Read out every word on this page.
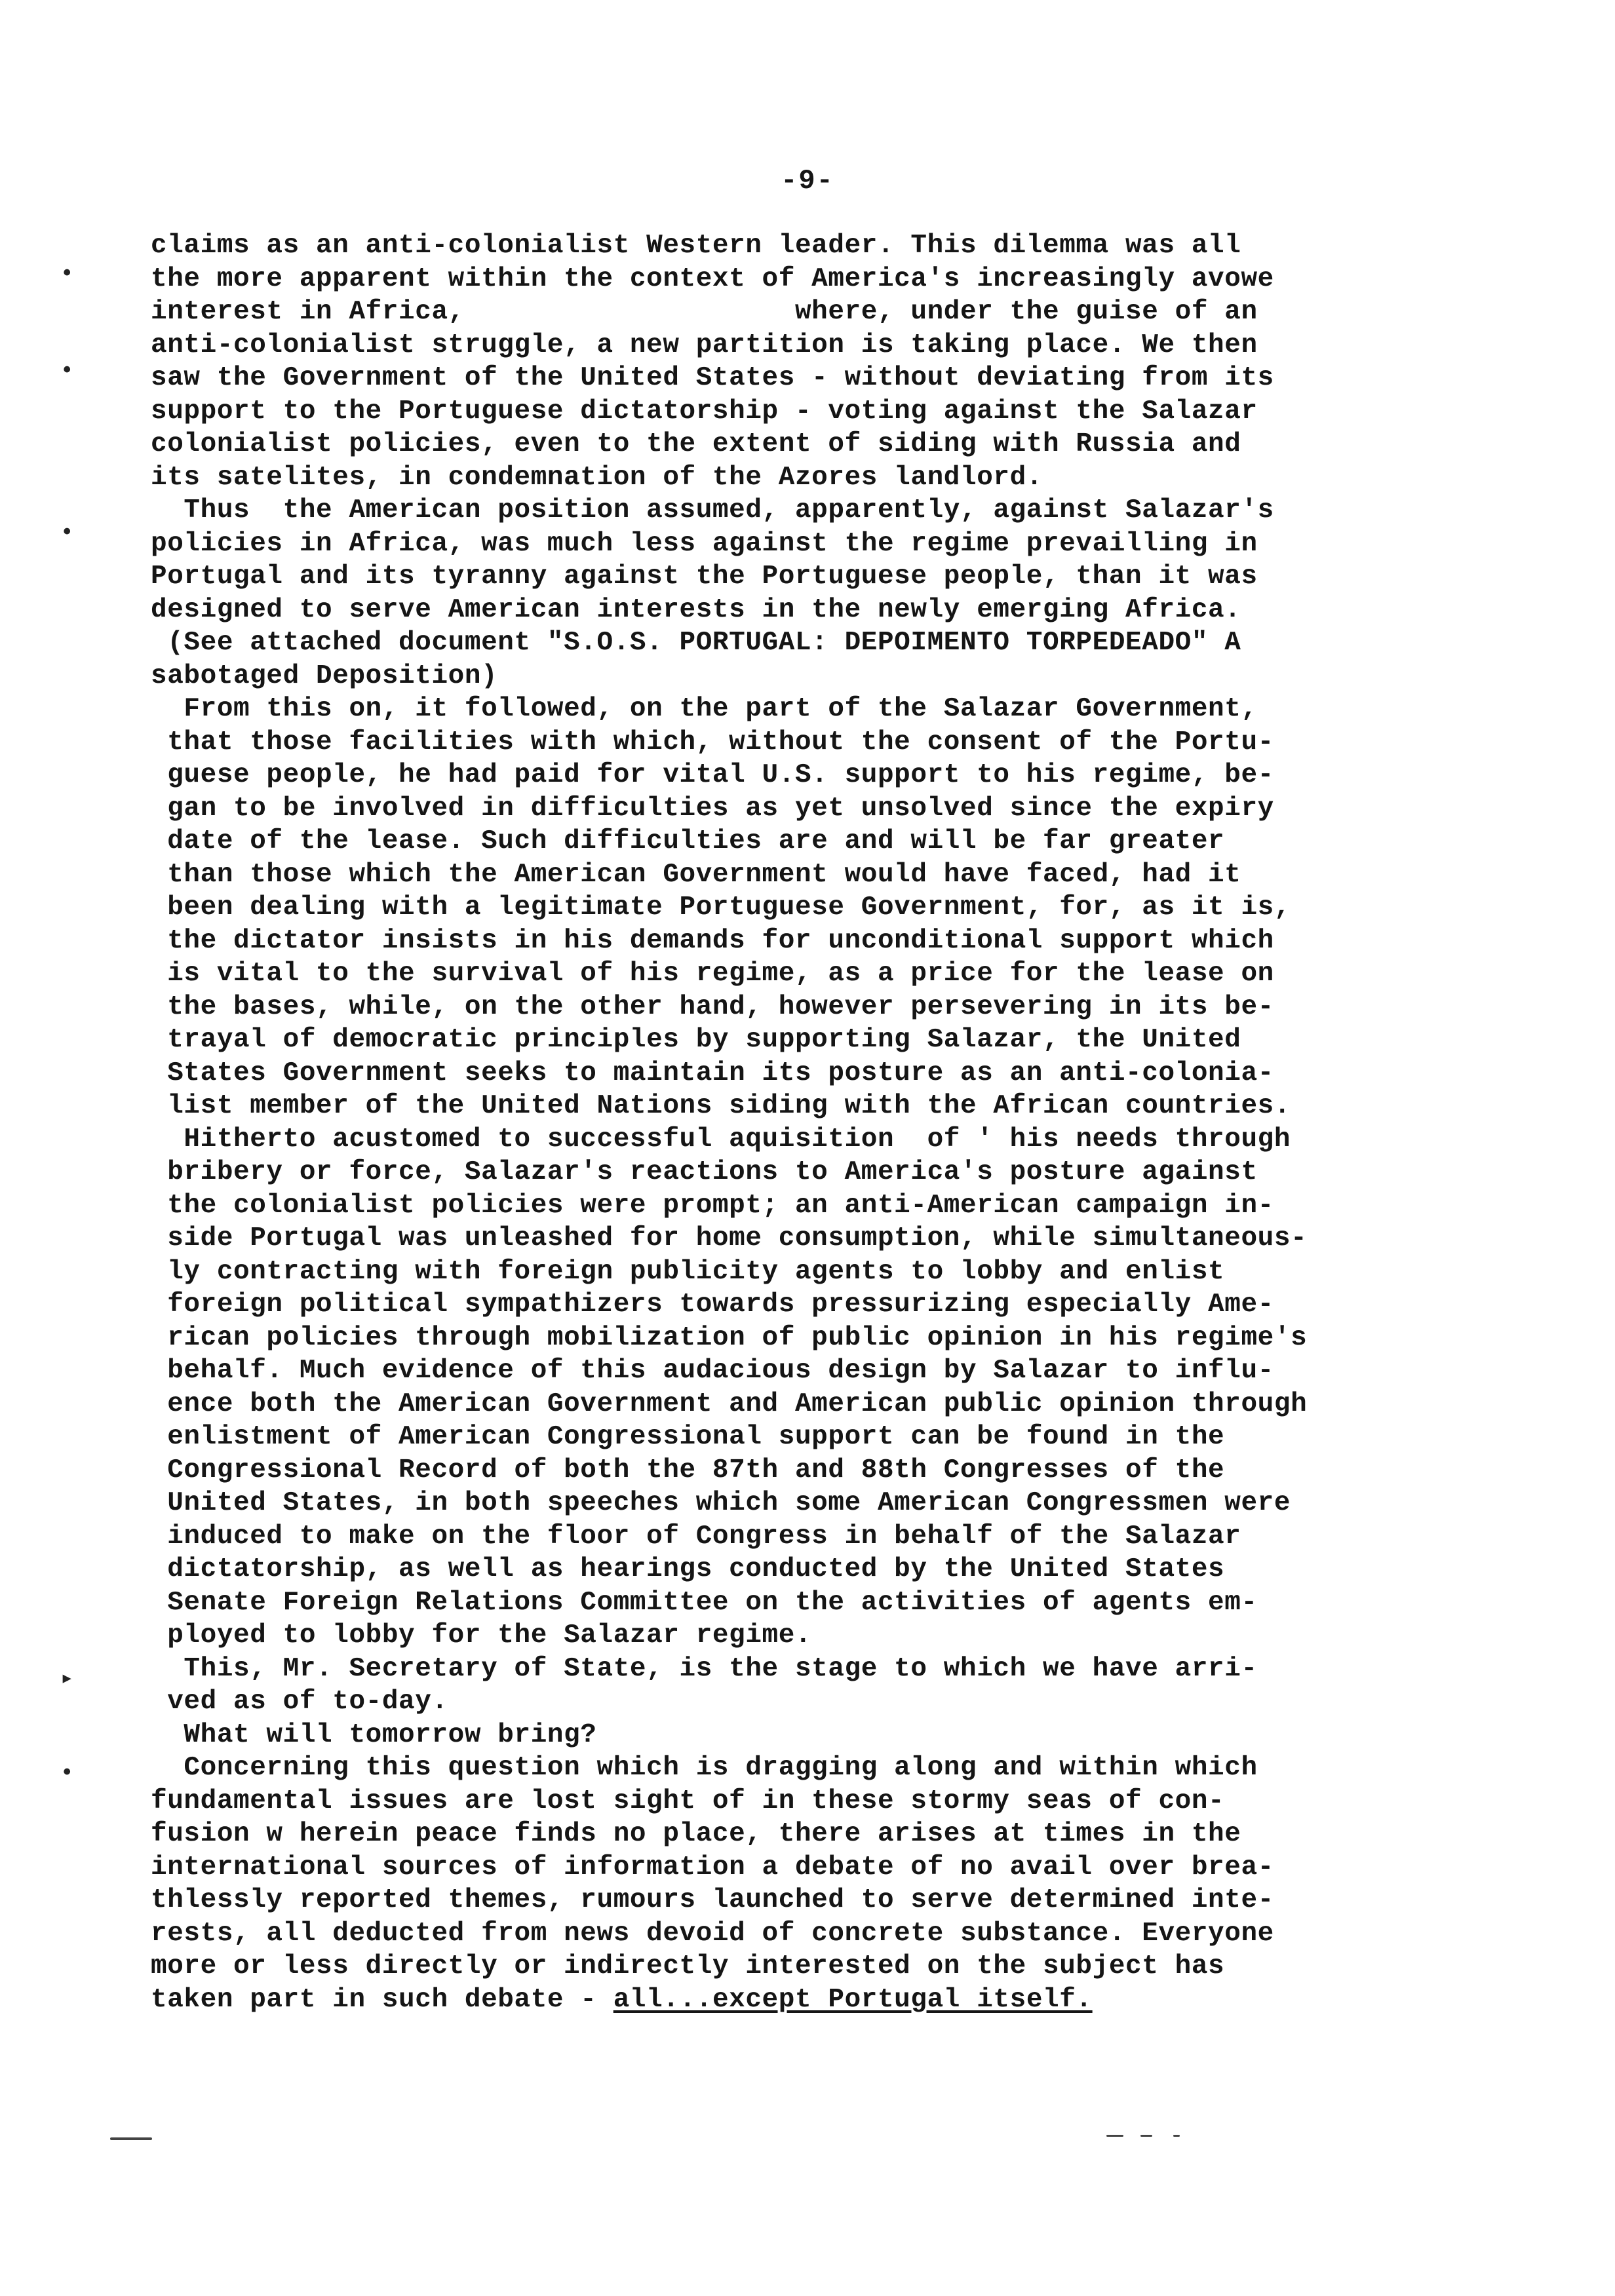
-9-
•
•
•
▸
•
claims as an anti-colonialist Western leader. This dilemma was all
the more apparent within the context of America's increasingly avowe
interest in Africa,                    where, under the guise of an
anti-colonialist struggle, a new partition is taking place. We then
saw the Government of the United States - without deviating from its
support to the Portuguese dictatorship - voting against the Salazar
colonialist policies, even to the extent of siding with Russia and
its satelites, in condemnation of the Azores landlord.
Thus  the American position assumed, apparently, against Salazar's
policies in Africa, was much less against the regime prevailling in
Portugal and its tyranny against the Portuguese people, than it was
designed to serve American interests in the newly emerging Africa.
(See attached document "S.O.S. PORTUGAL: DEPOIMENTO TORPEDEADO" A
sabotaged Deposition)
From this on, it followed, on the part of the Salazar Government,
that those facilities with which, without the consent of the Portu-
guese people, he had paid for vital U.S. support to his regime, be-
gan to be involved in difficulties as yet unsolved since the expiry
date of the lease. Such difficulties are and will be far greater
than those which the American Government would have faced, had it
been dealing with a legitimate Portuguese Government, for, as it is,
the dictator insists in his demands for unconditional support which
is vital to the survival of his regime, as a price for the lease on
the bases, while, on the other hand, however persevering in its be-
trayal of democratic principles by supporting Salazar, the United
States Government seeks to maintain its posture as an anti-colonia-
list member of the United Nations siding with the African countries.
Hitherto acustomed to successful aquisition  of ' his needs through
bribery or force, Salazar's reactions to America's posture against
the colonialist policies were prompt; an anti-American campaign in-
side Portugal was unleashed for home consumption, while simultaneous-
ly contracting with foreign publicity agents to lobby and enlist
foreign political sympathizers towards pressurizing especially Ame-
rican policies through mobilization of public opinion in his regime's
behalf. Much evidence of this audacious design by Salazar to influ-
ence both the American Government and American public opinion through
enlistment of American Congressional support can be found in the
Congressional Record of both the 87th and 88th Congresses of the
United States, in both speeches which some American Congressmen were
induced to make on the floor of Congress in behalf of the Salazar
dictatorship, as well as hearings conducted by the United States
Senate Foreign Relations Committee on the activities of agents em-
ployed to lobby for the Salazar regime.
This, Mr. Secretary of State, is the stage to which we have arri-
ved as of to-day.
What will tomorrow bring?
Concerning this question which is dragging along and within which
fundamental issues are lost sight of in these stormy seas of con-
fusion w herein peace finds no place, there arises at times in the
international sources of information a debate of no avail over brea-
thlessly reported themes, rumours launched to serve determined inte-
rests, all deducted from news devoid of concrete substance. Everyone
more or less directly or indirectly interested on the subject has
taken part in such debate - all...except Portugal itself.
